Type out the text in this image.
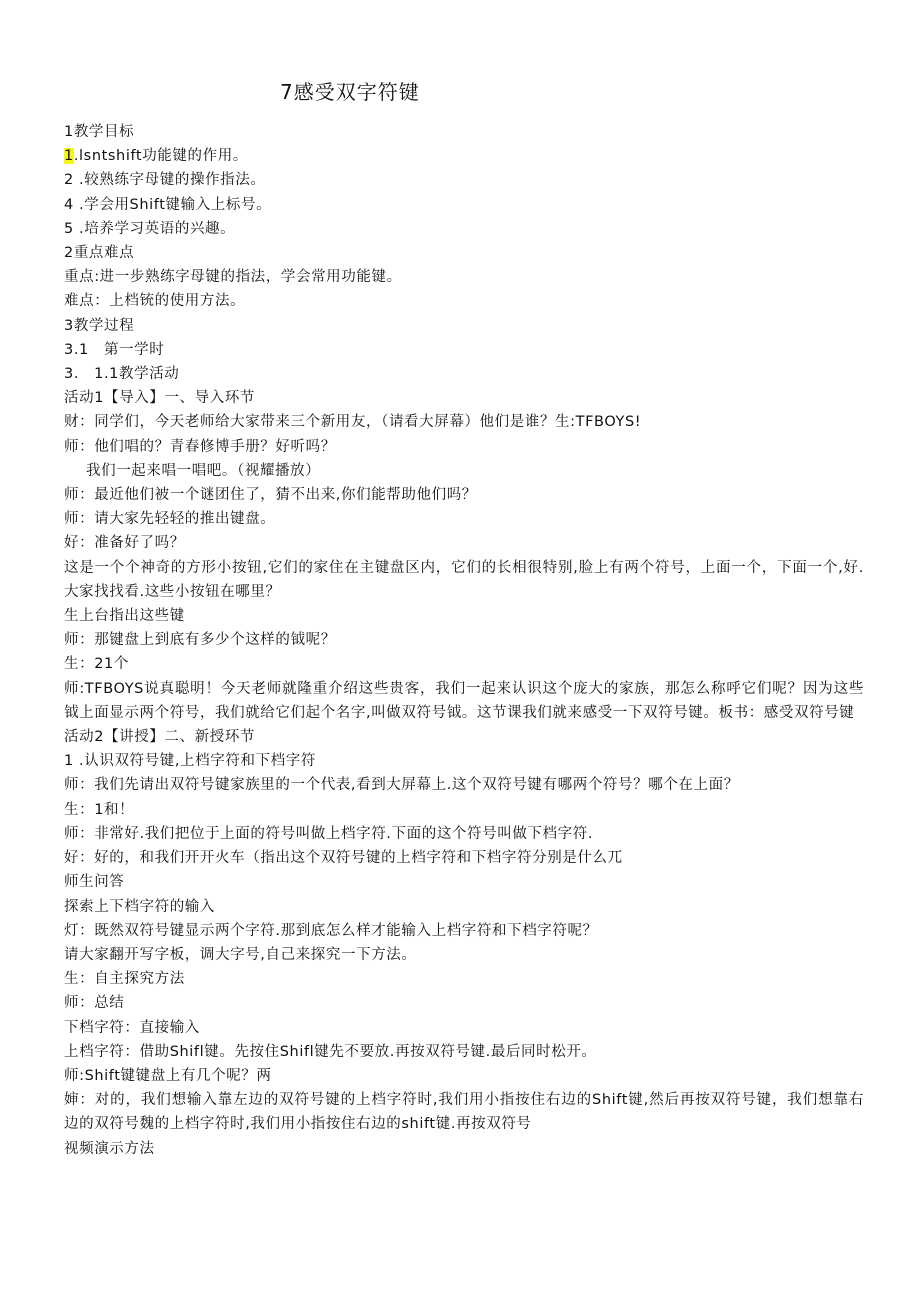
7感受双字符键
1教学目标
1.lsntshift功能键的作用。
2 .较熟练字母键的操作指法。
4 .学会用Shift键输入上标号。
5 .培养学习英语的兴趣。
2重点难点
重点:进一步熟练字母键的指法，学会常用功能键。
难点：上档铳的使用方法。
3教学过程
3.1　第一学时
3.　1.1教学活动
活动1【导入】一、导入环节
财：同学们，今天老师给大家带来三个新用友，（请看大屏幕）他们是谁？生:TFBOYS!
师：他们唱的？青春修博手册？好听吗？
我们一起来唱一唱吧。（视耀播放）
师：最近他们被一个谜团住了，猜不出来,你们能帮助他们吗？
师：请大家先轻轻的推出键盘。
好：准备好了吗？
这是一个个神奇的方形小按钮,它们的家住在主键盘区内，它们的长相很特别,脸上有两个符号，上面一个，下面一个,好.大家找找看.这些小按钮在哪里？
生上台指出这些键
师：那键盘上到底有多少个这样的钺呢？
生：21个
师:TFBOYS说真聪明！今天老师就隆重介绍这些贵客，我们一起来认识这个庞大的家族，那怎么称呼它们呢？因为这些钺上面显示两个符号，我们就给它们起个名字,叫做双符号钺。这节课我们就来感受一下双符号键。板书：感受双符号键
活动2【讲授】二、新授环节
1 .认识双符号键,上档字符和下档字符
师：我们先请出双符号键家族里的一个代表,看到大屏幕上.这个双符号键有哪两个符号？哪个在上面？
生：1和！
师：非常好.我们把位于上面的符号叫做上档字符.下面的这个符号叫做下档字符.
好：好的，和我们开开火车（指出这个双符号键的上档字符和下档字符分别是什么兀
师生问答
探索上下档字符的输入
灯：既然双符号键显示两个字符.那到底怎么样才能输入上档字符和下档字符呢？
请大家翻开写字板，调大字号,自己来探究一下方法。
生：自主探究方法
师：总结
下档字符：直接输入
上档字符：借助Shifl键。先按住Shifl键先不要放.再按双符号键.最后同时松开。
师:Shift键键盘上有几个呢？两
婶：对的，我们想输入靠左边的双符号键的上档字符时,我们用小指按住右边的Shift键,然后再按双符号键，我们想靠右边的双符号魏的上档字符时,我们用小指按住右边的shift键.再按双符号
视频演示方法
